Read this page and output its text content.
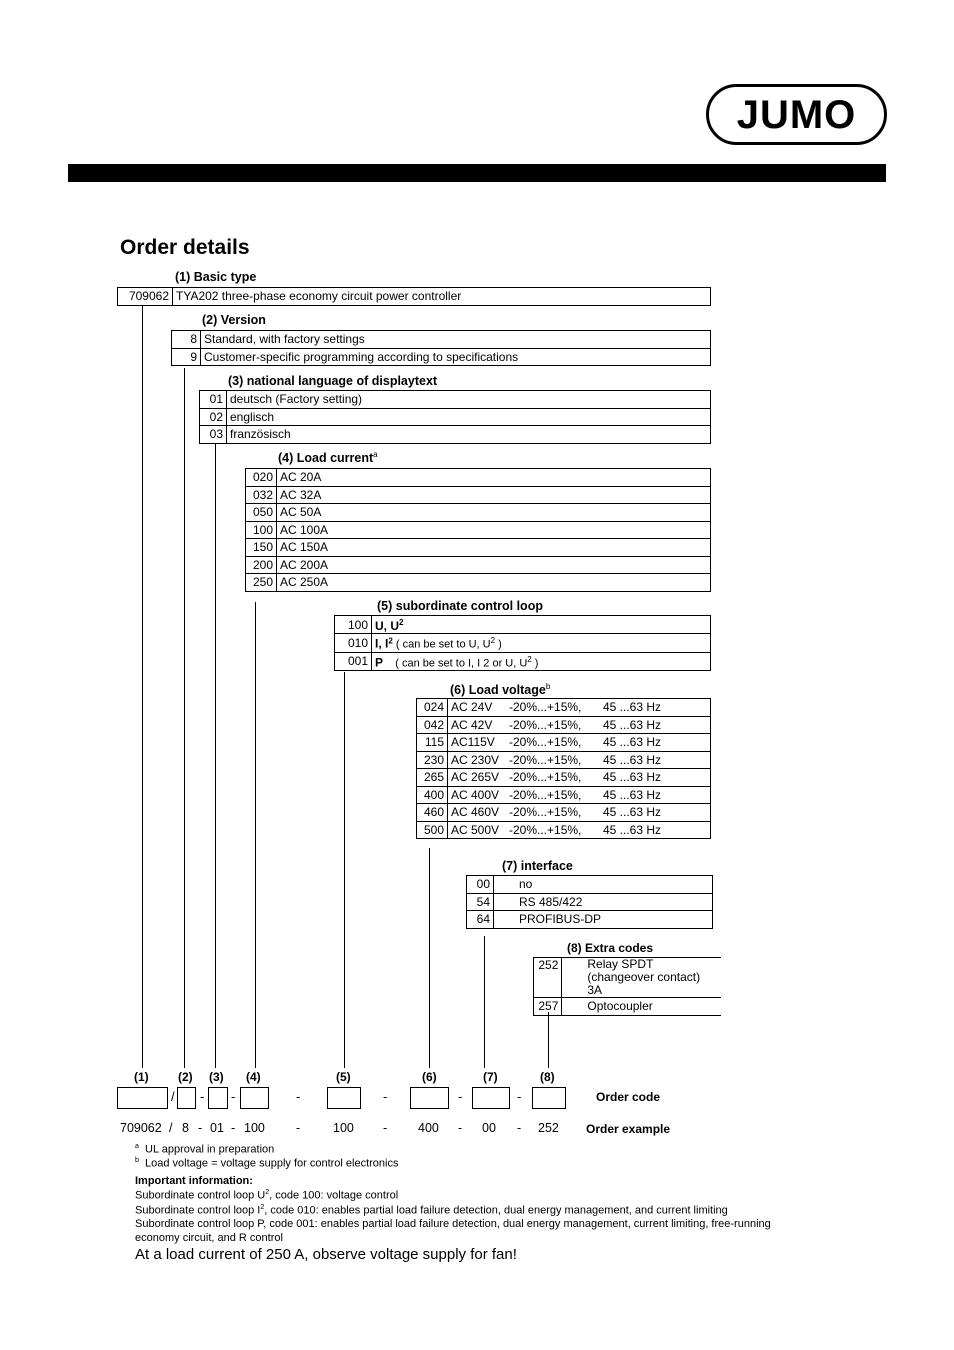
JUMO
Order details
(1) Basic type
709062	TYA202 three-phase economy circuit power controller
(2) Version
8	Standard, with factory settings
9	Customer-specific programming according to specifications
(3) national language of displaytext
01	deutsch (Factory setting)
02	englisch
03	französisch
(4) Load current$^a$
020	AC 20A
032	AC 32A
050	AC 50A
100	AC 100A
150	AC 150A
200	AC 200A
250	AC 250A
(5) subordinate control loop
100	U, $U^2$
010	I, $I^2$ ( can be set to U, $U^2$ )
001	P    ( can be set to I, I 2 or U, $U^2$ )
(6) Load voltage$^b$
024	AC 24V	-20%...+15%,	45 ...63 Hz
042	AC 42V	-20%...+15%,	45 ...63 Hz
115	AC115V	-20%...+15%,	45 ...63 Hz
230	AC 230V	-20%...+15%,	45 ...63 Hz
265	AC 265V	-20%...+15%,	45 ...63 Hz
400	AC 400V	-20%...+15%,	45 ...63 Hz
460	AC 460V	-20%...+15%,	45 ...63 Hz
500	AC 500V	-20%...+15%,	45 ...63 Hz
(7) interface
00	no
54	RS 485/422
64	PROFIBUS-DP
(8) Extra codes
252	Relay SPDT (changeover contact) 3A
257	Optocoupler
(1) (2) (3) (4)	(5)	(6)	(7)	(8)
/ - -	-	-	-	-	Order code
709062 / 8 - 01 - 100 -	100 - 400 - 00 - 252 Order example
$^a$ UL approval in preparation
$^b$ Load voltage = voltage supply for control electronics
Important information:
Subordinate control loop $U^2$, code 100: voltage control
Subordinate control loop $I^2$, code 010: enables partial load failure detection, dual energy management, and current limiting
Subordinate control loop P, code 001: enables partial load failure detection, dual energy management, current limiting, free-running
economy circuit, and R control
At a load current of 250 A, observe voltage supply for fan!
